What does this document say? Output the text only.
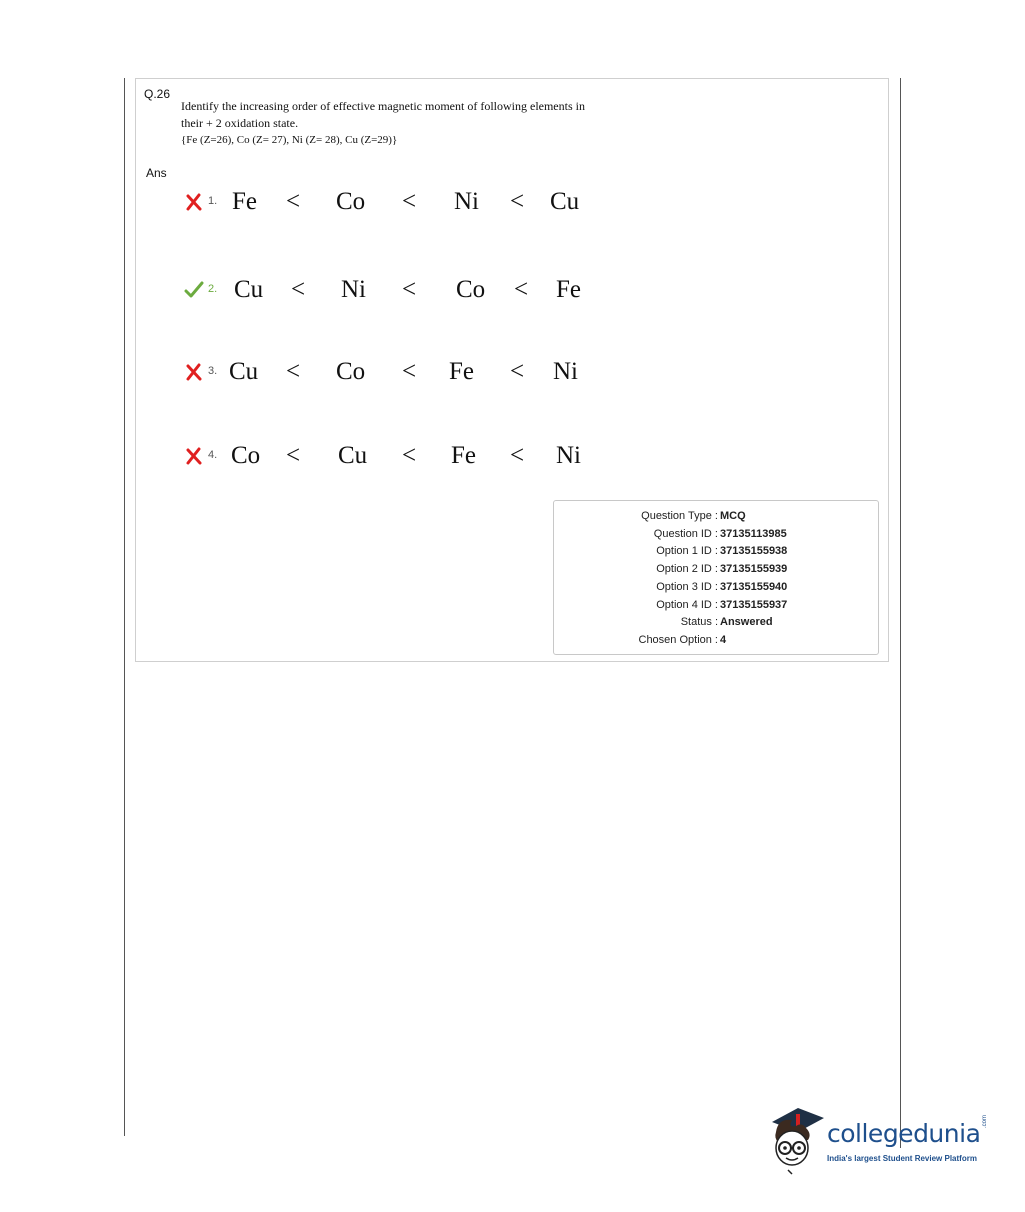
Q.26
Identify the increasing order of effective magnetic moment of following elements in
their + 2 oxidation state.
{Fe (Z=26), Co (Z= 27), Ni (Z= 28), Cu (Z=29)}
Ans
1. Fe < Co < Ni < Cu
2. Cu < Ni < Co < Fe
3. Cu < Co < Fe < Ni
4. Co < Cu < Fe < Ni
Question Type : MCQ
Question ID : 37135113985
Option 1 ID : 37135155938
Option 2 ID : 37135155939
Option 3 ID : 37135155940
Option 4 ID : 37135155937
Status : Answered
Chosen Option : 4
collegedunia .com
India's largest Student Review Platform
